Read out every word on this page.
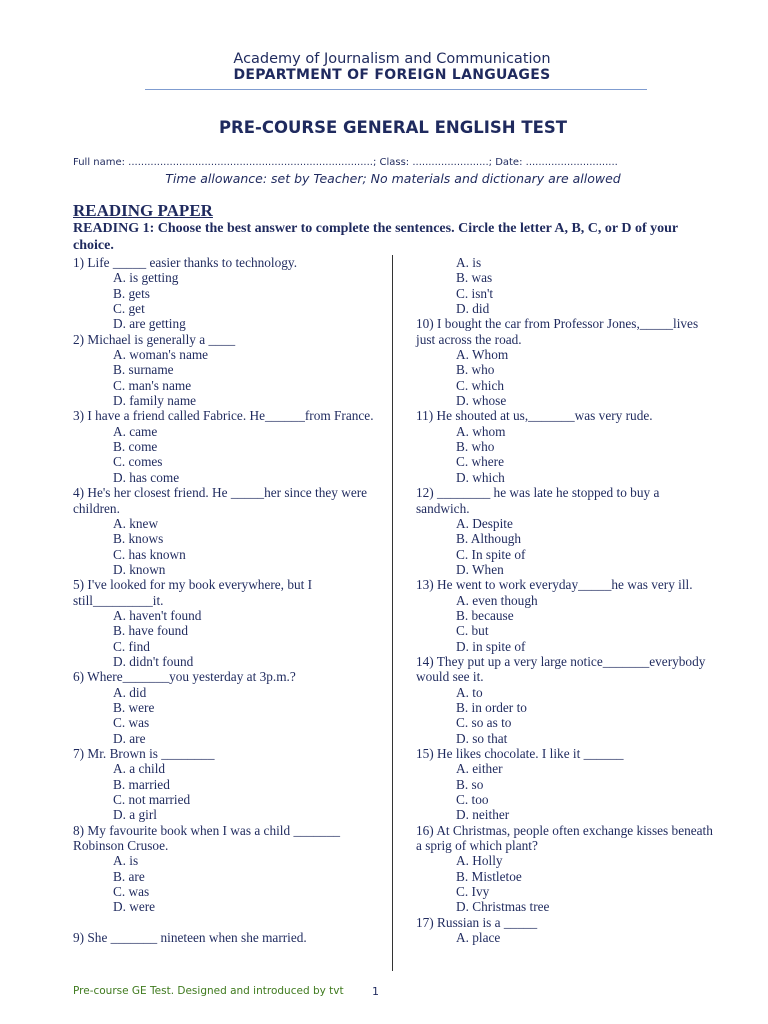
Academy of Journalism and Communication
DEPARTMENT OF FOREIGN LANGUAGES
PRE-COURSE GENERAL ENGLISH TEST
Full name: .............................................................................; Class: ........................; Date: .............................
Time allowance: set by Teacher; No materials and dictionary are allowed
READING PAPER
READING 1: Choose the best answer to complete the sentences. Circle the letter A, B, C, or D of your choice.
1) Life _____ easier thanks to technology.
A. is getting
B. gets
C. get
D. are getting
2) Michael is generally a ____
A. woman's name
B. surname
C. man's name
D. family name
3) I have a friend called Fabrice. He______from France.
A. came
B. come
C. comes
D. has come
4) He's her closest friend. He _____her since they were children.
A. knew
B. knows
C. has known
D. known
5) I've looked for my book everywhere, but I still_________it.
A. haven't found
B. have found
C. find
D. didn't found
6) Where_______you yesterday at 3p.m.?
A. did
B. were
C. was
D. are
7) Mr. Brown is ________
A. a child
B. married
C. not married
D. a girl
8) My favourite book when I was a child _______ Robinson Crusoe.
A. is
B. are
C. was
D. were
9) She _______ nineteen when she married.
A. is
B. was
C. isn't
D. did
10) I bought the car from Professor Jones,_____lives just across the road.
A. Whom
B. who
C. which
D. whose
11) He shouted at us,_______was very rude.
A. whom
B. who
C. where
D. which
12) ________ he was late he stopped to buy a sandwich.
A. Despite
B. Although
C. In spite of
D. When
13) He went to work everyday_____he was very ill.
A. even though
B. because
C. but
D. in spite of
14) They put up a very large notice_______everybody would see it.
A. to
B. in order to
C. so as to
D. so that
15) He likes chocolate. I like it ______
A. either
B. so
C. too
D. neither
16) At Christmas, people often exchange kisses beneath a sprig of which plant?
A. Holly
B. Mistletoe
C. Ivy
D. Christmas tree
17) Russian is a _____
A. place
Pre-course GE Test. Designed and introduced by tvt	1
